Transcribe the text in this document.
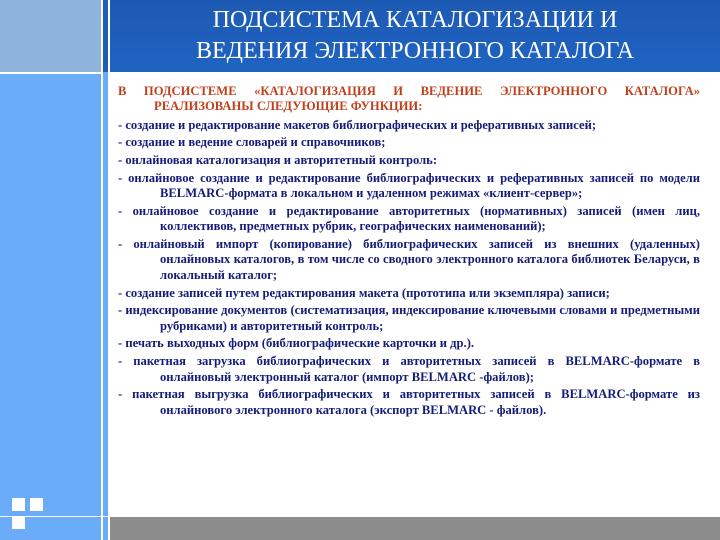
ПОДСИСТЕМА КАТАЛОГИЗАЦИИ И
ВЕДЕНИЯ ЭЛЕКТРОННОГО КАТАЛОГА
В ПОДСИСТЕМЕ «КАТАЛОГИЗАЦИЯ И ВЕДЕНИЕ ЭЛЕКТРОННОГО КАТАЛОГА» РЕАЛИЗОВАНЫ СЛЕДУЮЩИЕ ФУНКЦИИ:
- создание и редактирование макетов библиографических и реферативных записей;
- создание и ведение словарей и справочников;
- онлайновая каталогизация и авторитетный контроль:
- онлайновое создание и редактирование библиографических и реферативных записей по модели BELMARC-формата в локальном и удаленном режимах «клиент-сервер»;
- онлайновое создание и редактирование авторитетных (нормативных) записей (имен лиц, коллективов, предметных рубрик, географических наименований);
- онлайновый импорт (копирование) библиографических записей из внешних (удаленных) онлайновых каталогов, в том числе со сводного электронного каталога библиотек Беларуси, в локальный каталог;
- создание записей путем редактирования макета (прототипа или экземпляра) записи;
- индексирование документов (систематизация, индексирование ключевыми словами и предметными рубриками) и авторитетный контроль;
- печать выходных форм (библиографические карточки и др.).
- пакетная загрузка библиографических и авторитетных записей в BELMARC-формате в онлайновый электронный каталог (импорт BELMARC -файлов);
- пакетная выгрузка библиографических и авторитетных записей в BELMARC-формате из онлайнового электронного каталога (экспорт BELMARC - файлов).
